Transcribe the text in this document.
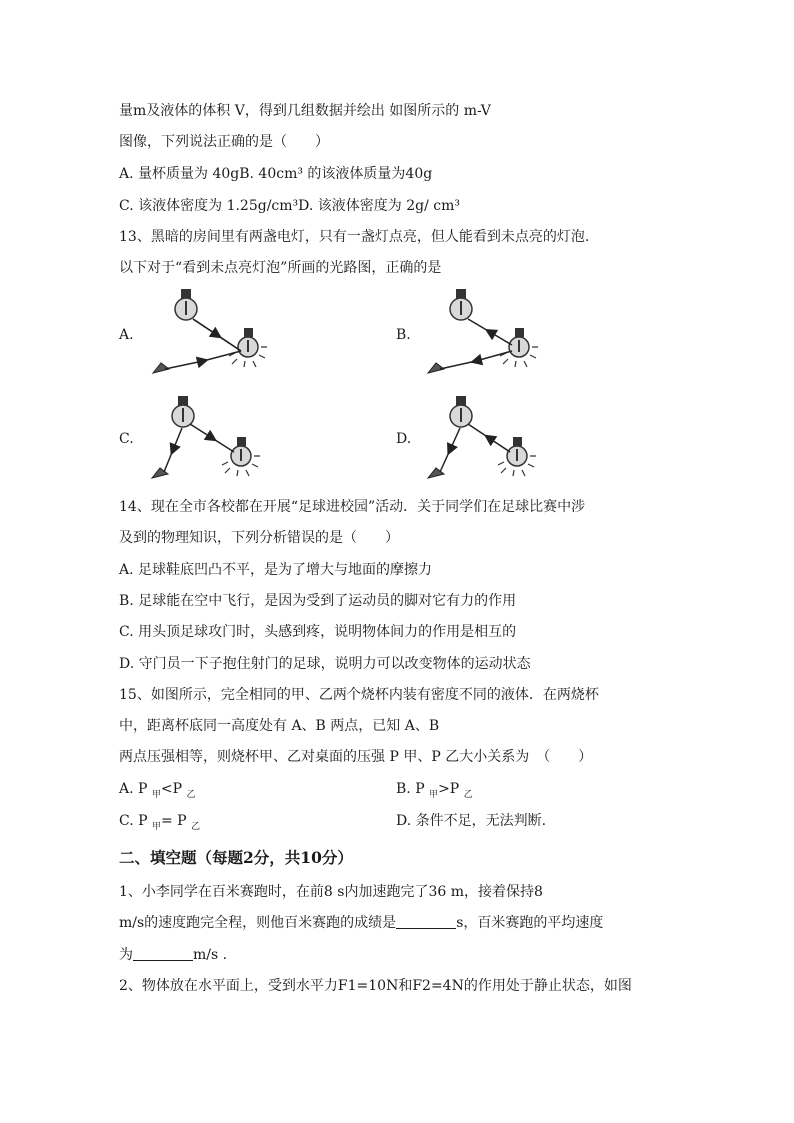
量m及液体的体积 V，得到几组数据并绘出 如图所示的 m-V
图像，下列说法正确的是（　　）
A. 量杯质量为 40gB. 40cm³ 的该液体质量为40g
C. 该液体密度为 1.25g/cm³D. 该液体密度为 2g/ cm³
13、黑暗的房间里有两盏电灯，只有一盏灯点亮，但人能看到未点亮的灯泡.
以下对于“看到未点亮灯泡”所画的光路图，正确的是
A.	B.
C.	D.
14、现在全市各校都在开展“足球进校园”活动．关于同学们在足球比赛中涉
及到的物理知识，下列分析错误的是（　　）
A. 足球鞋底凹凸不平，是为了增大与地面的摩擦力
B. 足球能在空中飞行，是因为受到了运动员的脚对它有力的作用
C. 用头顶足球攻门时，头感到疼，说明物体间力的作用是相互的
D. 守门员一下子抱住射门的足球，说明力可以改变物体的运动状态
15、如图所示，完全相同的甲、乙两个烧杯内装有密度不同的液体．在两烧杯
中，距离杯底同一高度处有 A、B 两点，已知 A、B
两点压强相等，则烧杯甲、乙对桌面的压强 P 甲、P 乙大小关系为　（　　）
A. P $_甲$<P $_乙$	B. P $_甲$>P $_乙$
C. P $_甲$= P $_乙$	D. 条件不足，无法判断.
二、填空题（每题2分，共10分）
1、小李同学在百米赛跑时，在前8 s内加速跑完了36 m，接着保持8
m/s的速度跑完全程，则他百米赛跑的成绩是	s，百米赛跑的平均速度
为	m/s .
2、物体放在水平面上，受到水平力F1=10N和F2=4N的作用处于静止状态，如图
